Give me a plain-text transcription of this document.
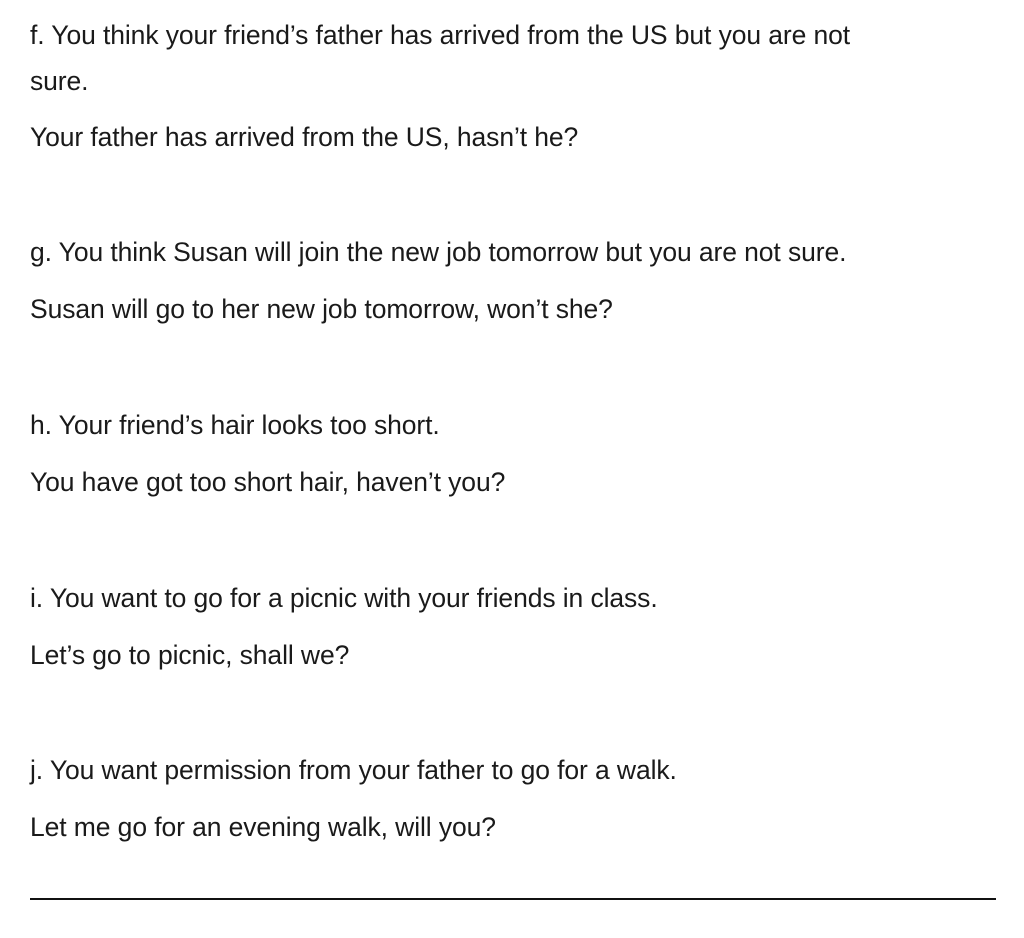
f. You think your friend’s father has arrived from the US but you are not

sure.

Your father has arrived from the US, hasn’t he?

g. You think Susan will join the new job tomorrow but you are not sure.

Susan will go to her new job tomorrow, won’t she?

h. Your friend’s hair looks too short.

You have got too short hair, haven’t you?

i. You want to go for a picnic with your friends in class.

Let’s go to picnic, shall we?

j. You want permission from your father to go for a walk.

Let me go for an evening walk, will you?
